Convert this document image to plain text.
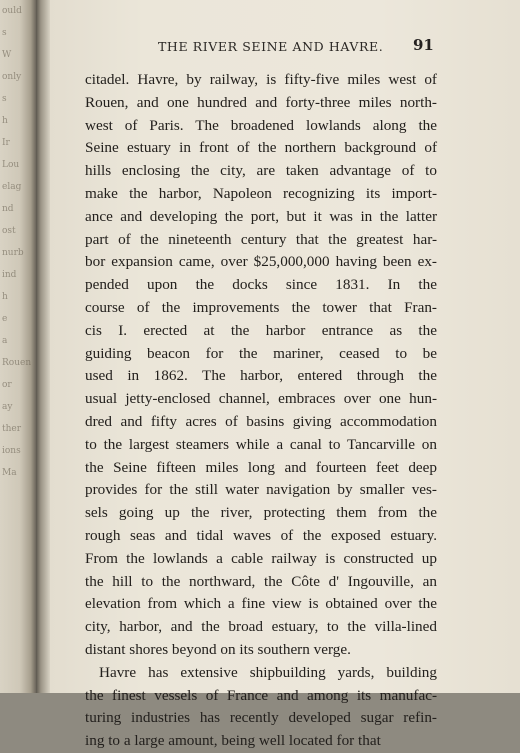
ould
s
W
only
s
h
Ir
Lou
elag
nd
ost
nurb
ind
h
e
a
Rouen
or
ay
ther
ions
Ma
THE RIVER SEINE AND HAVRE. 91
citadel. Havre, by railway, is fifty-five miles west of
Rouen, and one hundred and forty-three miles north-
west of Paris. The broadened lowlands along the
Seine estuary in front of the northern background of
hills enclosing the city, are taken advantage of to
make the harbor, Napoleon recognizing its import-
ance and developing the port, but it was in the latter
part of the nineteenth century that the greatest har-
bor expansion came, over $25,000,000 having been ex-
pended upon the docks since 1831. In the
course of the improvements the tower that Fran-
cis I. erected at the harbor entrance as the
guiding beacon for the mariner, ceased to be
used in 1862. The harbor, entered through the
usual jetty-enclosed channel, embraces over one hun-
dred and fifty acres of basins giving accommodation
to the largest steamers while a canal to Tancarville on
the Seine fifteen miles long and fourteen feet deep
provides for the still water navigation by smaller ves-
sels going up the river, protecting them from the
rough seas and tidal waves of the exposed estuary.
From the lowlands a cable railway is constructed up
the hill to the northward, the Côte d' Ingouville, an
elevation from which a fine view is obtained over the
city, harbor, and the broad estuary, to the villa-lined
distant shores beyond on its southern verge.
Havre has extensive shipbuilding yards, building
the finest vessels of France and among its manufac-
turing industries has recently developed sugar refin-
ing to a large amount, being well located for that
